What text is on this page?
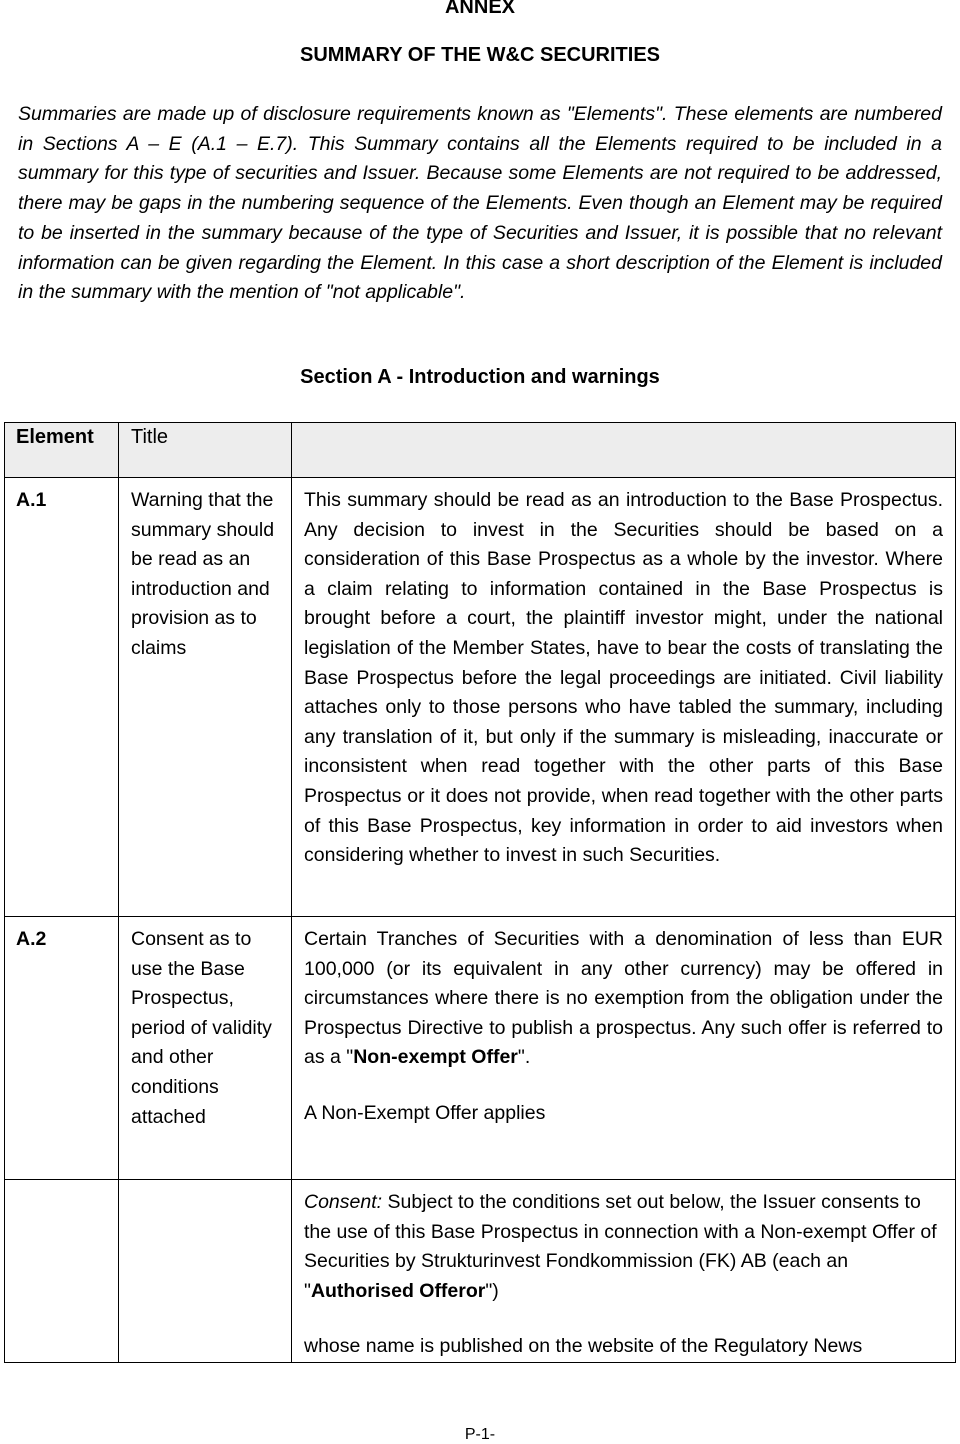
ANNEX
SUMMARY OF THE W&C SECURITIES

Summaries are made up of disclosure requirements known as "Elements". These elements are numbered in Sections A – E (A.1 – E.7). This Summary contains all the Elements required to be included in a summary for this type of securities and Issuer. Because some Elements are not required to be addressed, there may be gaps in the numbering sequence of the Elements. Even though an Element may be required to be inserted in the summary because of the type of Securities and Issuer, it is possible that no relevant information can be given regarding the Element. In this case a short description of the Element is included in the summary with the mention of "not applicable".

Section A - Introduction and warnings
Element	Title	

A.1	Warning that the summary should be read as an introduction and provision as to claims	This summary should be read as an introduction to the Base Prospectus. Any decision to invest in the Securities should be based on a consideration of this Base Prospectus as a whole by the investor. Where a claim relating to information contained in the Base Prospectus is brought before a court, the plaintiff investor might, under the national legislation of the Member States, have to bear the costs of translating the Base Prospectus before the legal proceedings are initiated. Civil liability attaches only to those persons who have tabled the summary, including any translation of it, but only if the summary is misleading, inaccurate or inconsistent when read together with the other parts of this Base Prospectus or it does not provide, when read together with the other parts of this Base Prospectus, key information in order to aid investors when considering whether to invest in such Securities.

A.2	Consent as to use the Base Prospectus, period of validity and other conditions attached	Certain Tranches of Securities with a denomination of less than EUR 100,000 (or its equivalent in any other currency) may be offered in circumstances where there is no exemption from the obligation under the Prospectus Directive to publish a prospectus. Any such offer is referred to as a "Non-exempt Offer".

A Non-Exempt Offer applies

		Consent: Subject to the conditions set out below, the Issuer consents to the use of this Base Prospectus in connection with a Non-exempt Offer of Securities by Strukturinvest Fondkommission (FK) AB (each an "Authorised Offeror")

whose name is published on the website of the Regulatory News

P-1-
